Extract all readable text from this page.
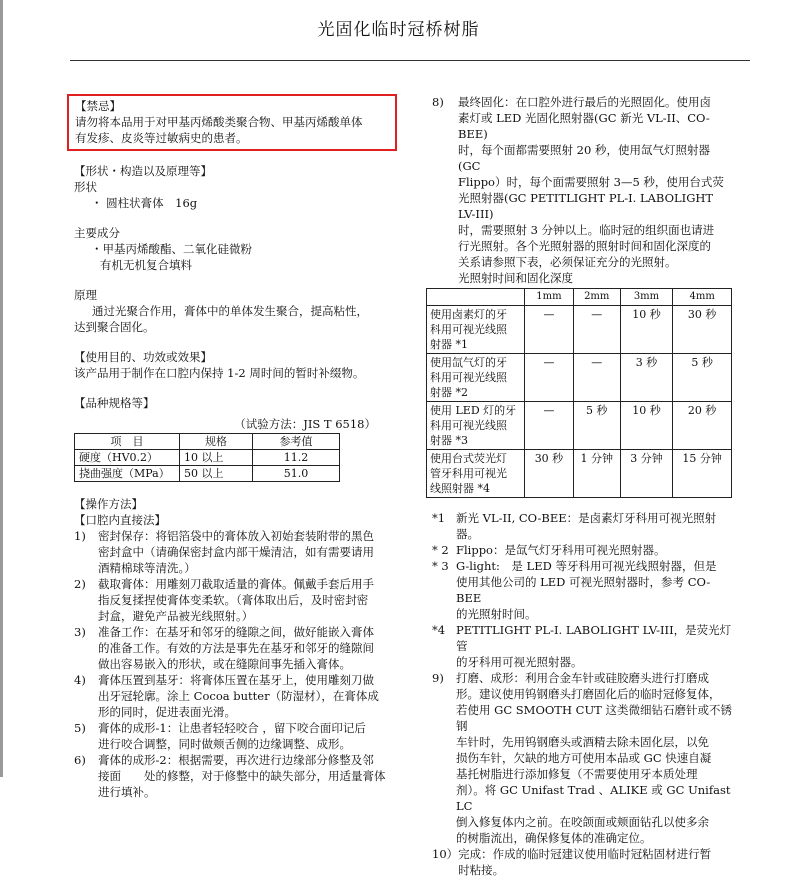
光固化临时冠桥树脂
【禁忌】
请勿将本品用于对甲基丙烯酸类聚合物、甲基丙烯酸单体
有发疹、皮炎等过敏病史的患者。
【形状・构造以及原理等】
形状
・ 圆柱状膏体　16g
主要成分
・甲基丙烯酸酯、二氧化硅微粉
有机无机复合填料
原理
通过光聚合作用，膏体中的单体发生聚合，提高粘性，
达到聚合固化。
【使用目的、功效或效果】
该产品用于制作在口腔内保持 1-2 周时间的暂时补缀物。
【品种规格等】
（试验方法：JIS T 6518）
项　目	规格	参考值
硬度（HV0.2）	10 以上	11.2
挠曲强度（MPa）	50 以上	51.0
【操作方法】
【口腔内直接法】
1)	密封保存：将铝箔袋中的膏体放入初始套装附带的黑色
密封盒中（请确保密封盒内部干燥清洁，如有需要请用
酒精棉球等清洗。）
2)	截取膏体：用雕刻刀截取适量的膏体。佩戴手套后用手
指反复揉捏使膏体变柔软。（膏体取出后，及时密封密
封盒，避免产品被光线照射。）
3)	准备工作：在基牙和邻牙的缝隙之间，做好能嵌入膏体
的准备工作。有效的方法是事先在基牙和邻牙的缝隙间
做出容易嵌入的形状，或在缝隙间事先插入膏体。
4)	膏体压置到基牙：将膏体压置在基牙上，使用雕刻刀做
出牙冠轮廓。涂上 Cocoa butter（防湿材），在膏体成
形的同时，促进表面光滑。
5)	膏体的成形-1：让患者轻轻咬合 ，留下咬合面印记后
进行咬合调整，同时做颊舌侧的边缘调整、成形。
6)	膏体的成形-2：根据需要，再次进行边缘部分修整及邻
接面　　处的修整，对于修整中的缺失部分，用适量膏体进行填补。
8)	最终固化：在口腔外进行最后的光照固化。使用卤
素灯或 LED 光固化照射器(GC 新光 VL-II、CO-BEE)
时，每个面都需要照射 20 秒，使用氙气灯照射器(GC
Flippo）时，每个面需要照射 3—5 秒，使用台式荧
光照射器(GC PETITLIGHT PL-I. LABOLIGHT LV-III)
时，需要照射 3 分钟以上。临时冠的组织面也请进
行光照射。各个光照射器的照射时间和固化深度的
关系请参照下表，必须保证充分的光照射。
光照射时间和固化深度
	1mm	2mm	3mm	4mm

使用卤素灯的牙
科用可视光线照
射器 *1	—	—	10 秒	30 秒

使用氙气灯的牙
科用可视光线照
射器 *2	—	—	3 秒	5 秒

使用 LED 灯的牙
科用可视光线照
射器 *3	—	5 秒	10 秒	20 秒

使用台式荧光灯
管牙科用可视光
线照射器 *4	30 秒	1 分钟	3 分钟	15 分钟
*1 新光 VL-II, CO-BEE：是卤素灯牙科用可视光照射
器。
* 2 Flippo：是氙气灯牙科用可视光照射器。
* 3 G-light:　是 LED 等牙科用可视光线照射器，但是
使用其他公司的 LED 可视光照射器时，参考 CO-BEE
的光照射时间。
*4 PETITLIGHT PL-I. LABOLIGHT LV-III，是荧光灯管
的牙科用可视光照射器。
9)	打磨、成形：利用合金车针或硅胶磨头进行打磨成
形。建议使用钨钢磨头打磨固化后的临时冠修复体，
若使用 GC SMOOTH CUT 这类微细钻石磨针或不锈钢
车针时，先用钨钢磨头或酒精去除未固化层，以免
损伤车针，欠缺的地方可使用本品或 GC 快速自凝
基托树脂进行添加修复（不需要使用牙本质处理
剂）。将 GC Unifast Trad 、ALIKE 或 GC Unifast LC
倒入修复体内之前。在咬颌面或颊面钻孔以使多余
的树脂流出，确保修复体的准确定位。
10） 完成：作成的临时冠建议使用临时冠粘固材进行暂
时粘接。
